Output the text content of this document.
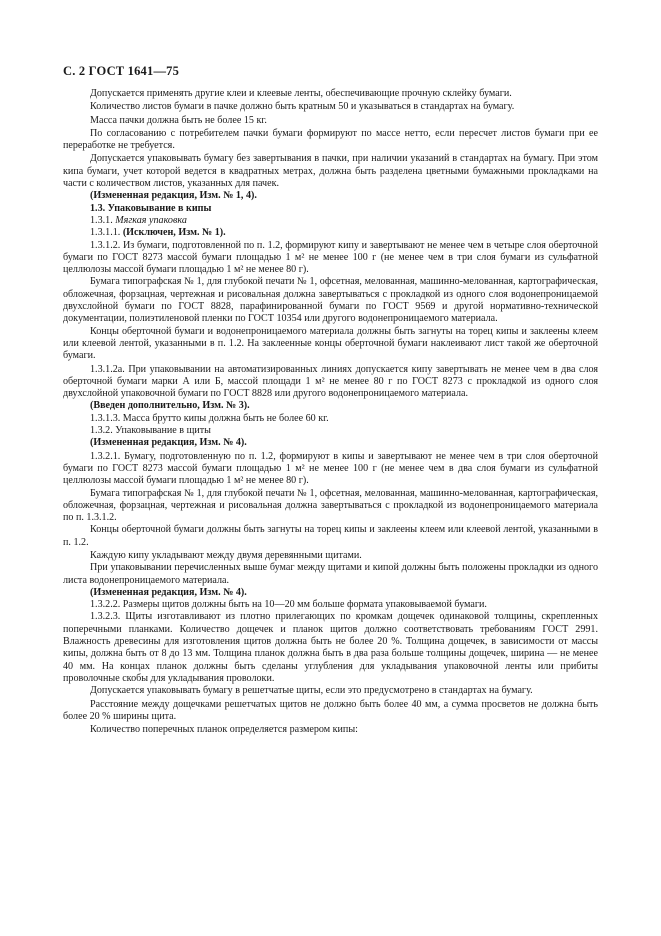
С. 2 ГОСТ 1641—75

Допускается применять другие клеи и клеевые ленты, обеспечивающие прочную склейку бумаги.

Количество листов бумаги в пачке должно быть кратным 50 и указываться в стандартах на бумагу.

Масса пачки должна быть не более 15 кг.

По согласованию с потребителем пачки бумаги формируют по массе нетто, если пересчет листов бумаги при ее переработке не требуется.

Допускается упаковывать бумагу без завертывания в пачки, при наличии указаний в стандартах на бумагу. При этом кипа бумаги, учет которой ведется в квадратных метрах, должна быть разделена цветными бумажными прокладками на части с количеством листов, указанных для пачек.

(Измененная редакция, Изм. № 1, 4).

1.3. Упаковывание в кипы

1.3.1. Мягкая упаковка

1.3.1.1. (Исключен, Изм. № 1).

1.3.1.2. Из бумаги, подготовленной по п. 1.2, формируют кипу и завертывают не менее чем в четыре слоя оберточной бумаги по ГОСТ 8273 массой бумаги площадью 1 м² не менее 100 г (не менее чем в три слоя бумаги из сульфатной целлюлозы массой бумаги площадью 1 м² не менее 80 г).

Бумага типографская № 1, для глубокой печати № 1, офсетная, мелованная, машинно-мелованная, картографическая, обложечная, форзацная, чертежная и рисовальная должна завертываться с прокладкой из одного слоя водонепроницаемой двухслойной бумаги по ГОСТ 8828, парафинированной бумаги по ГОСТ 9569 и другой нормативно-технической документации, полиэтиленовой пленки по ГОСТ 10354 или другого водонепроницаемого материала.

Концы оберточной бумаги и водонепроницаемого материала должны быть загнуты на торец кипы и заклеены клеем или клеевой лентой, указанными в п. 1.2. На заклеенные концы оберточной бумаги наклеивают лист такой же оберточной бумаги.

1.3.1.2а. При упаковывании на автоматизированных линиях допускается кипу завертывать не менее чем в два слоя оберточной бумаги марки А или Б, массой площади 1 м² не менее 80 г по ГОСТ 8273 с прокладкой из одного слоя двухслойной упаковочной бумаги по ГОСТ 8828 или другого водонепроницаемого материала.

(Введен дополнительно, Изм. № 3).

1.3.1.3. Масса брутто кипы должна быть не более 60 кг.

1.3.2. Упаковывание в щиты

(Измененная редакция, Изм. № 4).

1.3.2.1. Бумагу, подготовленную по п. 1.2, формируют в кипы и завертывают не менее чем в три слоя оберточной бумаги по ГОСТ 8273 массой бумаги площадью 1 м² не менее 100 г (не менее чем в два слоя бумаги из сульфатной целлюлозы массой бумаги площадью 1 м² не менее 80 г).

Бумага типографская № 1, для глубокой печати № 1, офсетная, мелованная, машинно-мелованная, картографическая, обложечная, форзацная, чертежная и рисовальная должна завертываться с прокладкой из водонепроницаемого материала по п. 1.3.1.2.

Концы оберточной бумаги должны быть загнуты на торец кипы и заклеены клеем или клеевой лентой, указанными в п. 1.2.

Каждую кипу укладывают между двумя деревянными щитами.

При упаковывании перечисленных выше бумаг между щитами и кипой должны быть положены прокладки из одного листа водонепроницаемого материала.

(Измененная редакция, Изм. № 4).

1.3.2.2. Размеры щитов должны быть на 10—20 мм больше формата упаковываемой бумаги.

1.3.2.3. Щиты изготавливают из плотно прилегающих по кромкам дощечек одинаковой толщины, скрепленных поперечными планками. Количество дощечек и планок щитов должно соответствовать требованиям ГОСТ 2991. Влажность древесины для изготовления щитов должна быть не более 20 %. Толщина дощечек, в зависимости от массы кипы, должна быть от 8 до 13 мм. Толщина планок должна быть в два раза больше толщины дощечек, ширина — не менее 40 мм. На концах планок должны быть сделаны углубления для укладывания упаковочной ленты или прибиты проволочные скобы для укладывания проволоки.

Допускается упаковывать бумагу в решетчатые щиты, если это предусмотрено в стандартах на бумагу.

Расстояние между дощечками решетчатых щитов не должно быть более 40 мм, а сумма просветов не должна быть более 20 % ширины щита.

Количество поперечных планок определяется размером кипы:
